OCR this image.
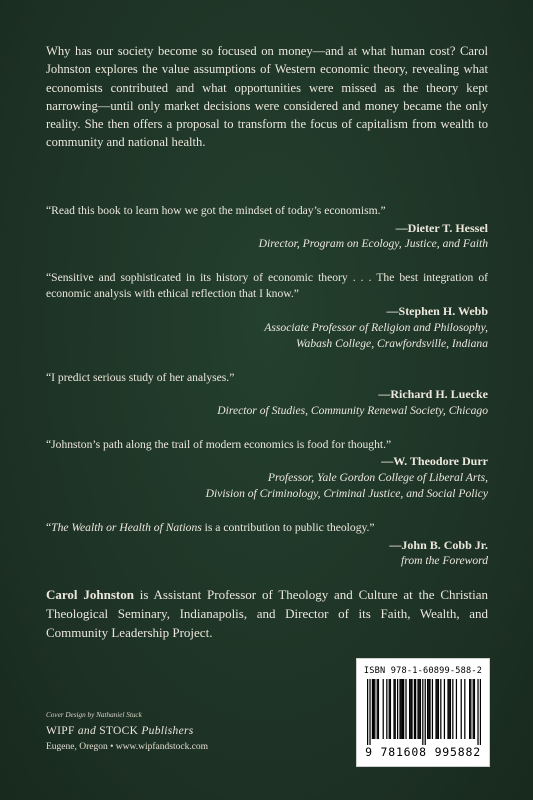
Why has our society become so focused on money—and at what human cost? Carol Johnston explores the value assumptions of Western economic theory, revealing what economists contributed and what opportunities were missed as the theory kept narrowing—until only market decisions were considered and money became the only reality. She then offers a proposal to transform the focus of capitalism from wealth to community and national health.
“Read this book to learn how we got the mindset of today’s economism.”
—Dieter T. Hessel
Director, Program on Ecology, Justice, and Faith
“Sensitive and sophisticated in its history of economic theory . . . The best integration of economic analysis with ethical reflection that I know.”
—Stephen H. Webb
Associate Professor of Religion and Philosophy,
Wabash College, Crawfordsville, Indiana
“I predict serious study of her analyses.”
—Richard H. Luecke
Director of Studies, Community Renewal Society, Chicago
“Johnston’s path along the trail of modern economics is food for thought.”
—W. Theodore Durr
Professor, Yale Gordon College of Liberal Arts,
Division of Criminology, Criminal Justice, and Social Policy
“The Wealth or Health of Nations is a contribution to public theology.”
—John B. Cobb Jr.
from the Foreword
Carol Johnston is Assistant Professor of Theology and Culture at the Christian Theological Seminary, Indianapolis, and Director of its Faith, Wealth, and Community Leadership Project.
Cover Design by Nathaniel Stuck
WIPF and STOCK Publishers
Eugene, Oregon • www.wipfandstock.com
ISBN 978-1-60899-588-2
9 781608 995882
